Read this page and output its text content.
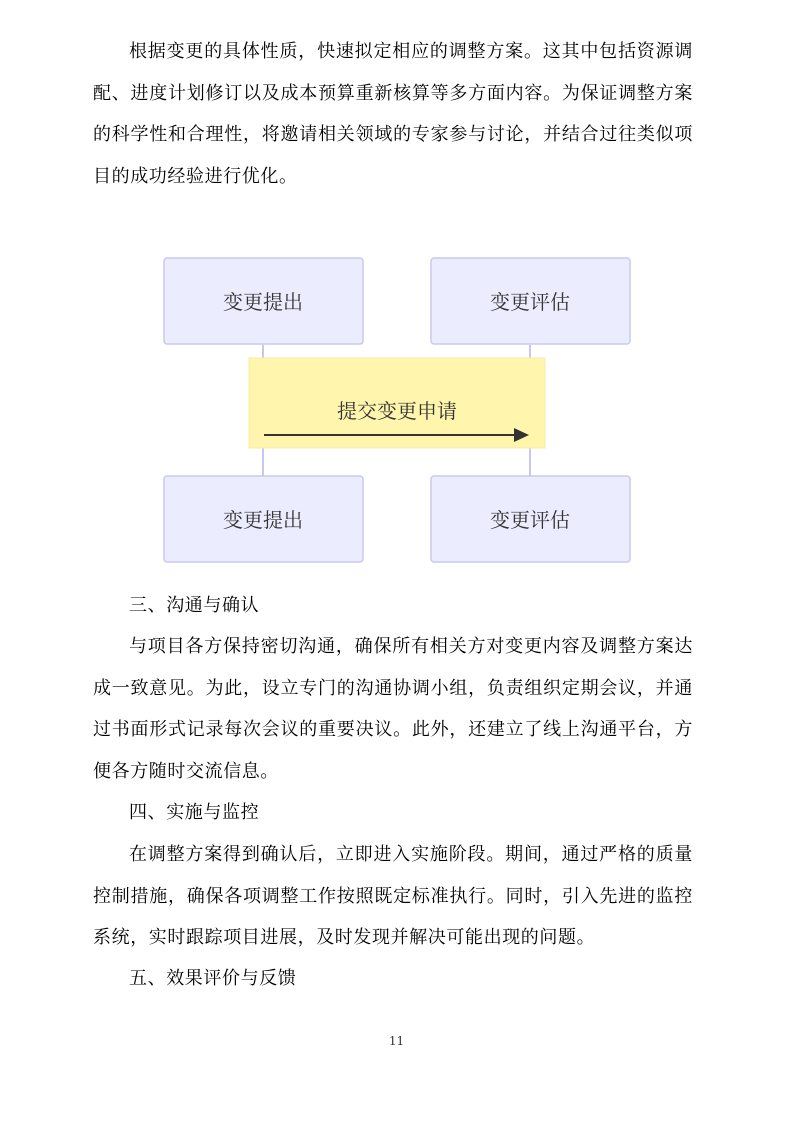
根据变更的具体性质，快速拟定相应的调整方案。这其中包括资源调配、进度计划修订以及成本预算重新核算等多方面内容。为保证调整方案的科学性和合理性，将邀请相关领域的专家参与讨论，并结合过往类似项目的成功经验进行优化。

提交变更申请
变更提出	变更评估
变更提出	变更评估

三、沟通与确认

与项目各方保持密切沟通，确保所有相关方对变更内容及调整方案达成一致意见。为此，设立专门的沟通协调小组，负责组织定期会议，并通过书面形式记录每次会议的重要决议。此外，还建立了线上沟通平台，方便各方随时交流信息。

四、实施与监控

在调整方案得到确认后，立即进入实施阶段。期间，通过严格的质量控制措施，确保各项调整工作按照既定标准执行。同时，引入先进的监控系统，实时跟踪项目进展，及时发现并解决可能出现的问题。

五、效果评价与反馈

11
